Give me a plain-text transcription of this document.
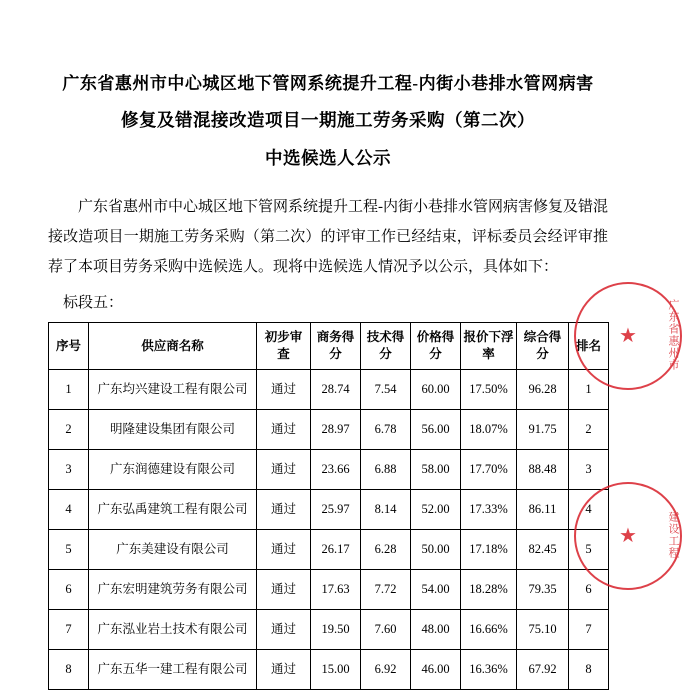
广东省惠州市中心城区地下管网系统提升工程-内街小巷排水管网病害
修复及错混接改造项目一期施工劳务采购（第二次）
中选候选人公示
广东省惠州市中心城区地下管网系统提升工程-内街小巷排水管网病害修复及错混接改造项目一期施工劳务采购（第二次）的评审工作已经结束，评标委员会经评审推荐了本项目劳务采购中选候选人。现将中选候选人情况予以公示，具体如下：
标段五：
序号	供应商名称	初步审查	商务得分	技术得分	价格得分	报价下浮率	综合得分	排名
1	广东均兴建设工程有限公司	通过	28.74	7.54	60.00	17.50%	96.28	1
2	明隆建设集团有限公司	通过	28.97	6.78	56.00	18.07%	91.75	2
3	广东润德建设有限公司	通过	23.66	6.88	58.00	17.70%	88.48	3
4	广东弘禹建筑工程有限公司	通过	25.97	8.14	52.00	17.33%	86.11	4
5	广东美建设有限公司	通过	26.17	6.28	50.00	17.18%	82.45	5
6	广东宏明建筑劳务有限公司	通过	17.63	7.72	54.00	18.28%	79.35	6
7	广东泓业岩土技术有限公司	通过	19.50	7.60	48.00	16.66%	75.10	7
8	广东五华一建工程有限公司	通过	15.00	6.92	46.00	16.36%	67.92	8
广东省惠州市
★
建设工程
★
